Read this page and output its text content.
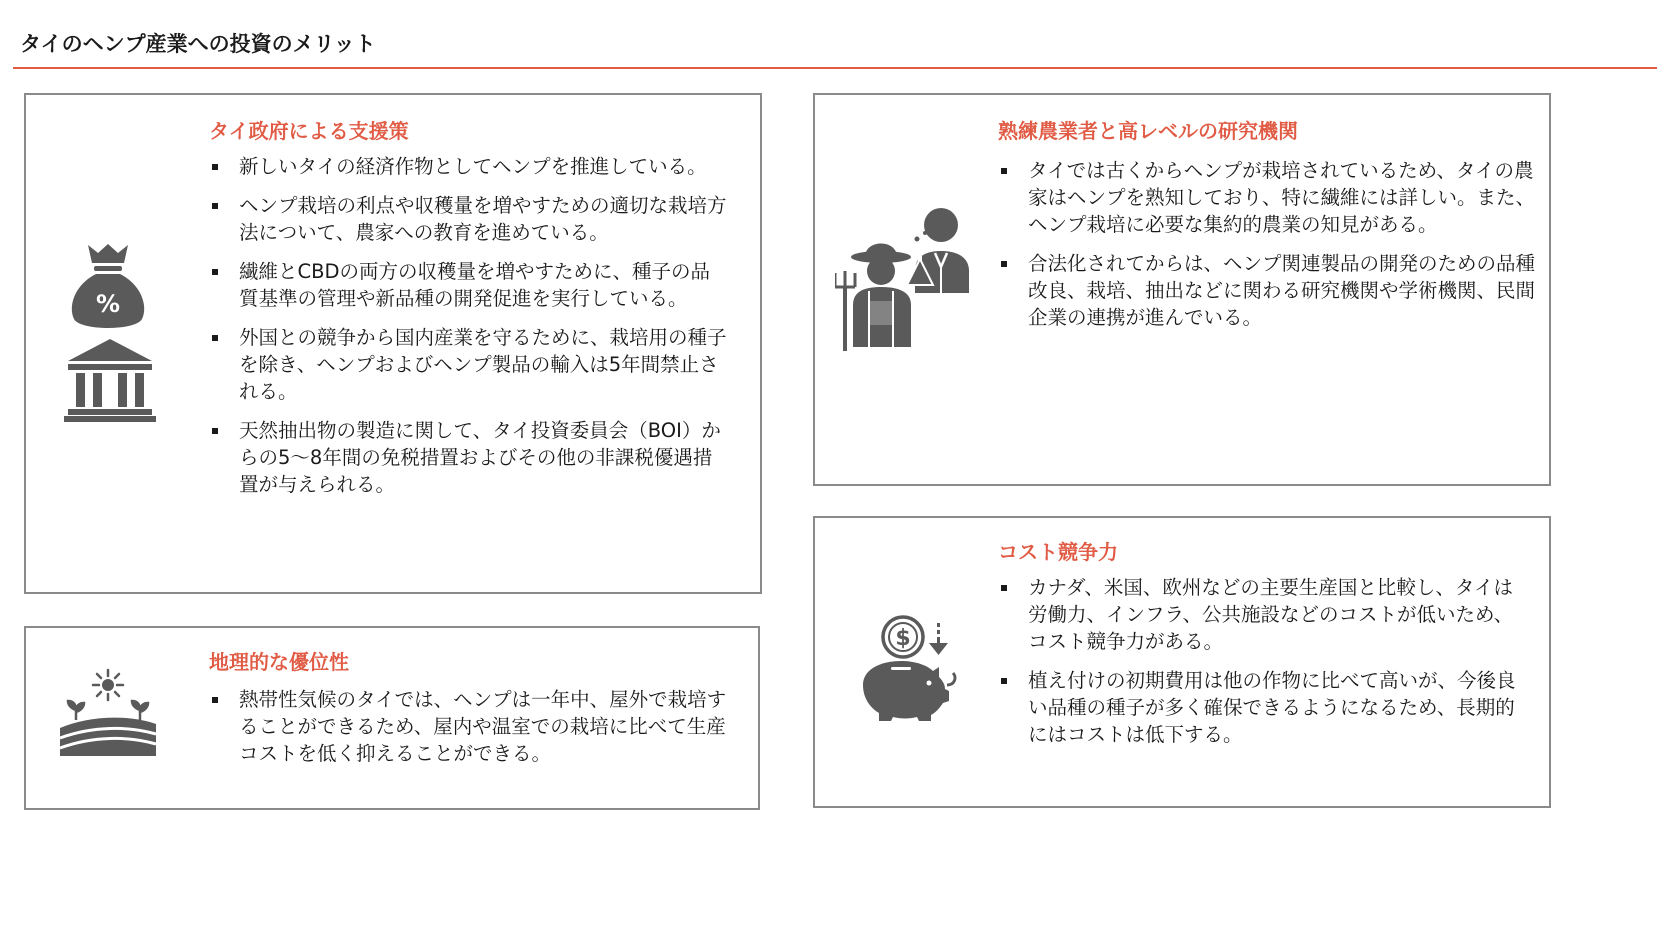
タイのヘンプ産業への投資のメリット
タイ政府による支援策
%
新しいタイの経済作物としてヘンプを推進している。
ヘンプ栽培の利点や収穫量を増やすための適切な栽培方法について、農家への教育を進めている。
繊維とCBDの両方の収穫量を増やすために、種子の品質基準の管理や新品種の開発促進を実行している。
外国との競争から国内産業を守るために、栽培用の種子を除き、ヘンプおよびヘンプ製品の輸入は5年間禁止される。
天然抽出物の製造に関して、タイ投資委員会（BOI）からの5～8年間の免税措置およびその他の非課税優遇措置が与えられる。
地理的な優位性
熱帯性気候のタイでは、ヘンプは一年中、屋外で栽培することができるため、屋内や温室での栽培に比べて生産コストを低く抑えることができる。
熟練農業者と高レベルの研究機関
タイでは古くからヘンプが栽培されているため、タイの農家はヘンプを熟知しており、特に繊維には詳しい。また、ヘンプ栽培に必要な集約的農業の知見がある。
合法化されてからは、ヘンプ関連製品の開発のための品種改良、栽培、抽出などに関わる研究機関や学術機関、民間企業の連携が進んでいる。
コスト競争力
$
カナダ、米国、欧州などの主要生産国と比較し、タイは労働力、インフラ、公共施設などのコストが低いため、コスト競争力がある。
植え付けの初期費用は他の作物に比べて高いが、今後良い品種の種子が多く確保できるようになるため、長期的にはコストは低下する。
